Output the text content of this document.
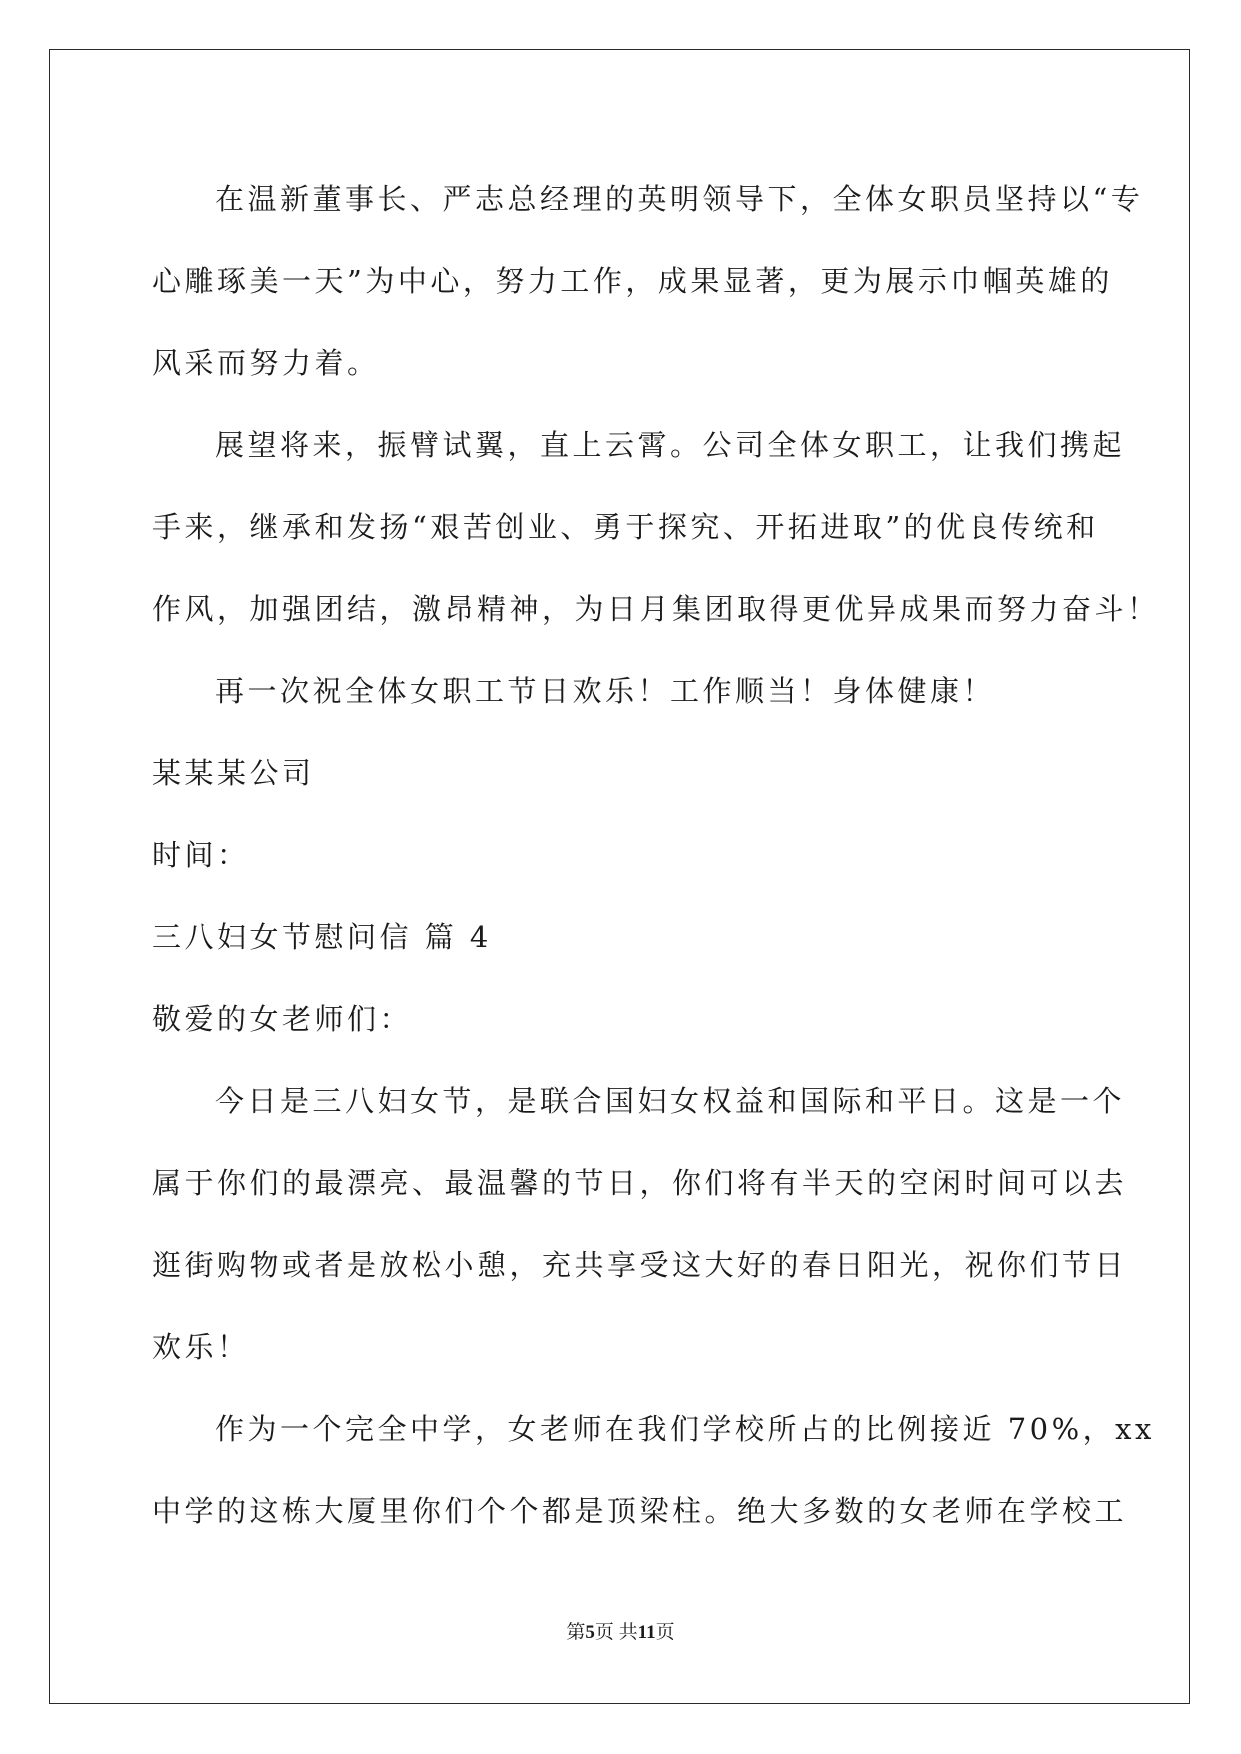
在温新董事长、严志总经理的英明领导下，全体女职员坚持以“专
心雕琢美一天”为中心，努力工作，成果显著，更为展示巾帼英雄的
风采而努力着。
展望将来，振臂试翼，直上云霄。公司全体女职工，让我们携起
手来，继承和发扬“艰苦创业、勇于探究、开拓进取”的优良传统和
作风，加强团结，激昂精神，为日月集团取得更优异成果而努力奋斗！
再一次祝全体女职工节日欢乐！工作顺当！身体健康！
某某某公司
时间：
三八妇女节慰问信 篇 4
敬爱的女老师们：
今日是三八妇女节，是联合国妇女权益和国际和平日。这是一个
属于你们的最漂亮、最温馨的节日，你们将有半天的空闲时间可以去
逛街购物或者是放松小憩，充共享受这大好的春日阳光，祝你们节日
欢乐！
作为一个完全中学，女老师在我们学校所占的比例接近 70%，xx
中学的这栋大厦里你们个个都是顶梁柱。绝大多数的女老师在学校工
第5页 共11页
